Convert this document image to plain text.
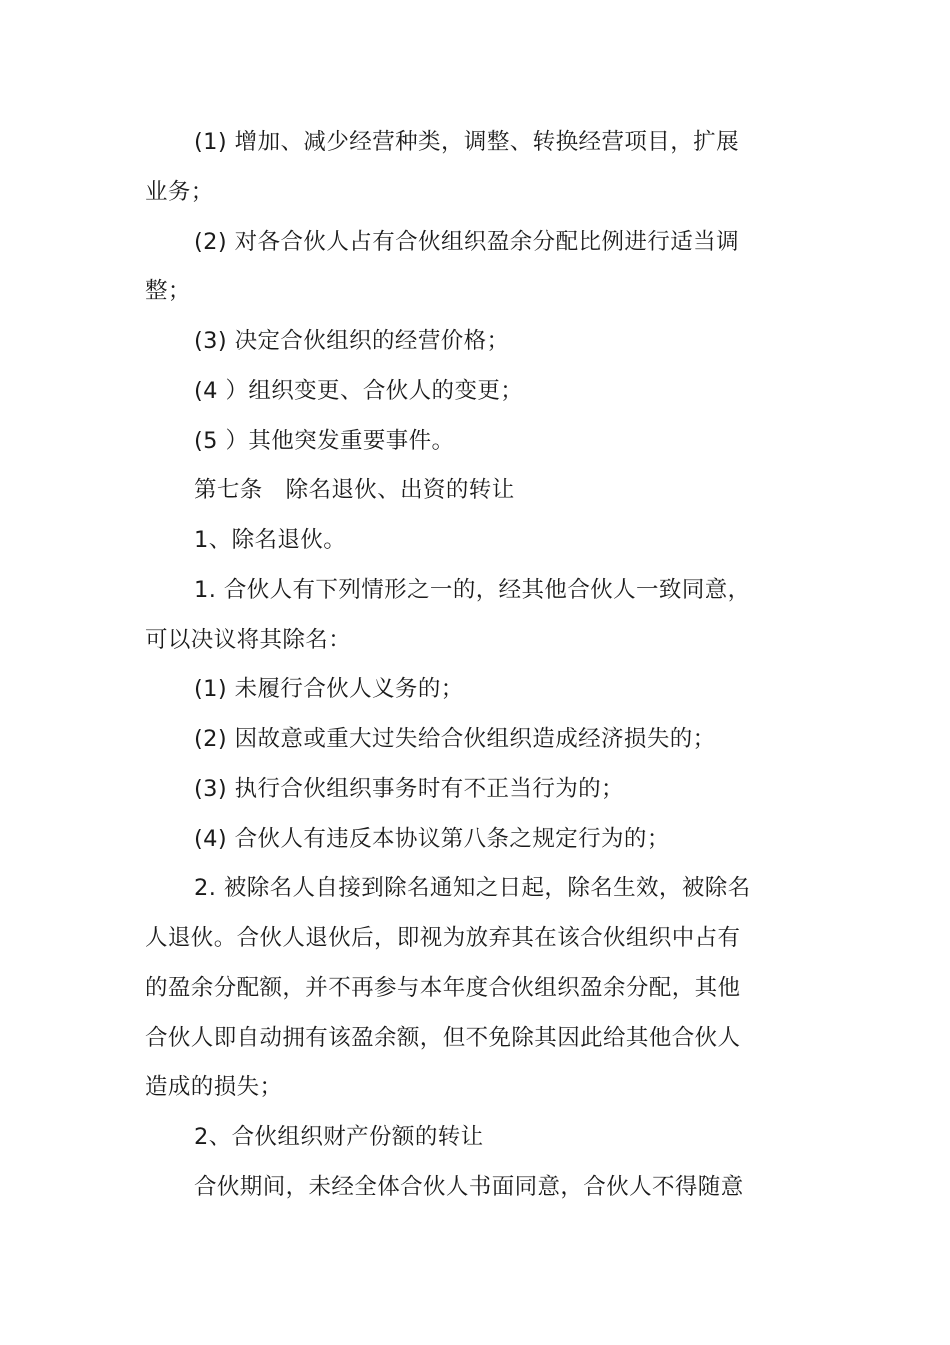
(1) 增加、减少经营种类，调整、转换经营项目，扩展
业务；
(2) 对各合伙人占有合伙组织盈余分配比例进行适当调
整；
(3) 决定合伙组织的经营价格；
(4 ）组织变更、合伙人的变更；
(5 ）其他突发重要事件。
第七条　除名退伙、出资的转让
1、除名退伙。
1. 合伙人有下列情形之一的，经其他合伙人一致同意，
可以决议将其除名：
(1) 未履行合伙人义务的；
(2) 因故意或重大过失给合伙组织造成经济损失的；
(3) 执行合伙组织事务时有不正当行为的；
(4) 合伙人有违反本协议第八条之规定行为的；
2. 被除名人自接到除名通知之日起，除名生效，被除名
人退伙。合伙人退伙后，即视为放弃其在该合伙组织中占有
的盈余分配额，并不再参与本年度合伙组织盈余分配，其他
合伙人即自动拥有该盈余额，但不免除其因此给其他合伙人
造成的损失；
2、合伙组织财产份额的转让
合伙期间，未经全体合伙人书面同意，合伙人不得随意
